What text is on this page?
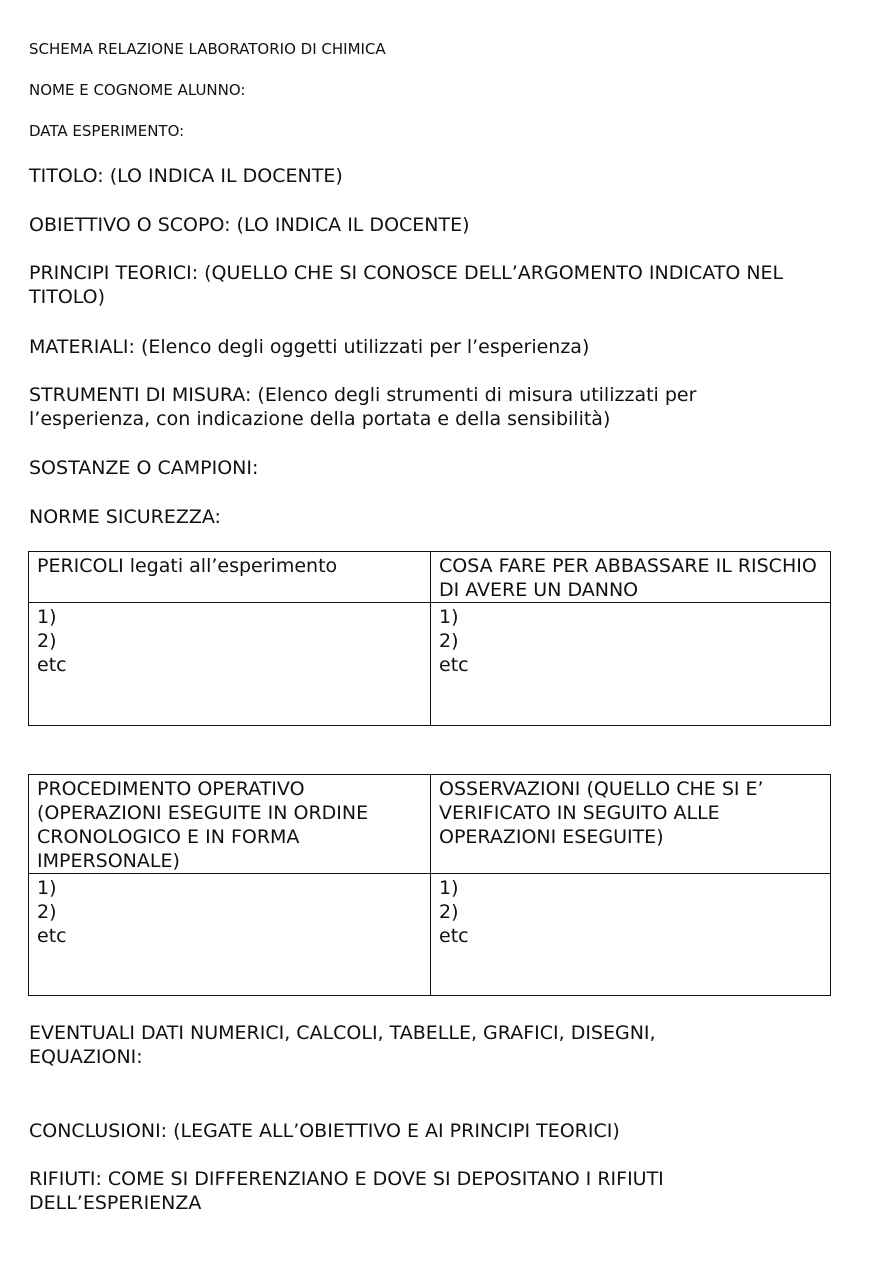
SCHEMA RELAZIONE LABORATORIO DI CHIMICA

NOME E COGNOME ALUNNO:

DATA ESPERIMENTO:

TITOLO: (LO INDICA IL DOCENTE)

OBIETTIVO O SCOPO: (LO INDICA IL DOCENTE)

PRINCIPI TEORICI: (QUELLO CHE SI CONOSCE DELL’ARGOMENTO INDICATO NEL TITOLO)

MATERIALI: (Elenco degli oggetti utilizzati per l’esperienza)

STRUMENTI DI MISURA: (Elenco degli strumenti di misura utilizzati per l’esperienza, con indicazione della portata e della sensibilità)

SOSTANZE O CAMPIONI:

NORME SICUREZZA:

PERICOLI legati all’esperimento	COSA FARE PER ABBASSARE IL RISCHIO DI AVERE UN DANNO
1)
2)
etc	1)
2)
etc
PROCEDIMENTO OPERATIVO (OPERAZIONI ESEGUITE IN ORDINE CRONOLOGICO E IN FORMA IMPERSONALE)	OSSERVAZIONI (QUELLO CHE SI E’ VERIFICATO IN SEGUITO ALLE OPERAZIONI ESEGUITE)
1)
2)
etc	1)
2)
etc

EVENTUALI DATI NUMERICI, CALCOLI, TABELLE, GRAFICI, DISEGNI, EQUAZIONI:

CONCLUSIONI: (LEGATE ALL’OBIETTIVO E AI PRINCIPI TEORICI)

RIFIUTI: COME SI DIFFERENZIANO E DOVE SI DEPOSITANO I RIFIUTI DELL’ESPERIENZA
